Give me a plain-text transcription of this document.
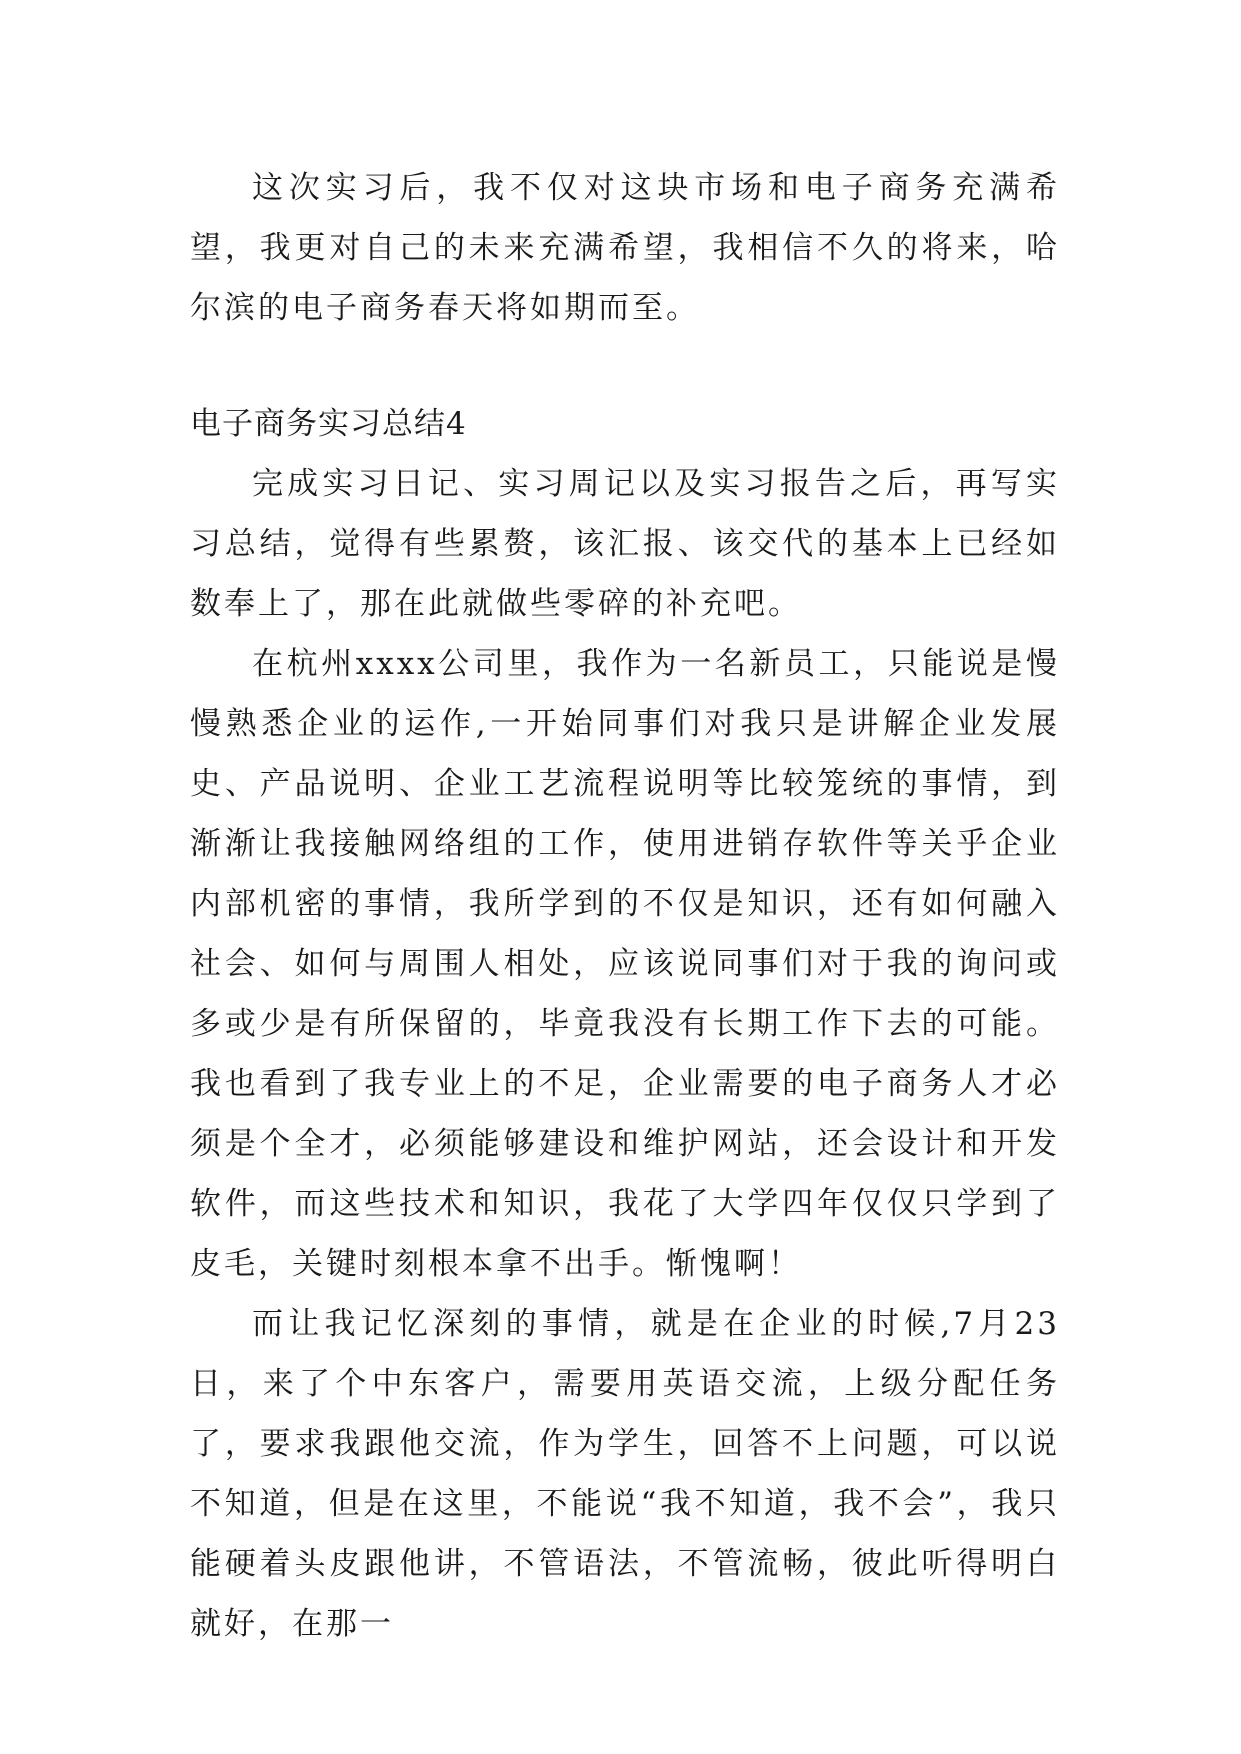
这次实习后，我不仅对这块市场和电子商务充满希望，我更对自己的未来充满希望，我相信不久的将来，哈尔滨的电子商务春天将如期而至。

电子商务实习总结4

完成实习日记、实习周记以及实习报告之后，再写实习总结，觉得有些累赘，该汇报、该交代的基本上已经如数奉上了，那在此就做些零碎的补充吧。

在杭州xxxx公司里，我作为一名新员工，只能说是慢慢熟悉企业的运作,一开始同事们对我只是讲解企业发展史、产品说明、企业工艺流程说明等比较笼统的事情，到渐渐让我接触网络组的工作，使用进销存软件等关乎企业内部机密的事情，我所学到的不仅是知识，还有如何融入社会、如何与周围人相处，应该说同事们对于我的询问或多或少是有所保留的，毕竟我没有长期工作下去的可能。我也看到了我专业上的不足，企业需要的电子商务人才必须是个全才，必须能够建设和维护网站，还会设计和开发软件，而这些技术和知识，我花了大学四年仅仅只学到了皮毛，关键时刻根本拿不出手。惭愧啊！

而让我记忆深刻的事情，就是在企业的时候,7月23日，来了个中东客户，需要用英语交流，上级分配任务了，要求我跟他交流，作为学生，回答不上问题，可以说不知道，但是在这里，不能说“我不知道，我不会”，我只能硬着头皮跟他讲，不管语法，不管流畅，彼此听得明白就好，在那一
